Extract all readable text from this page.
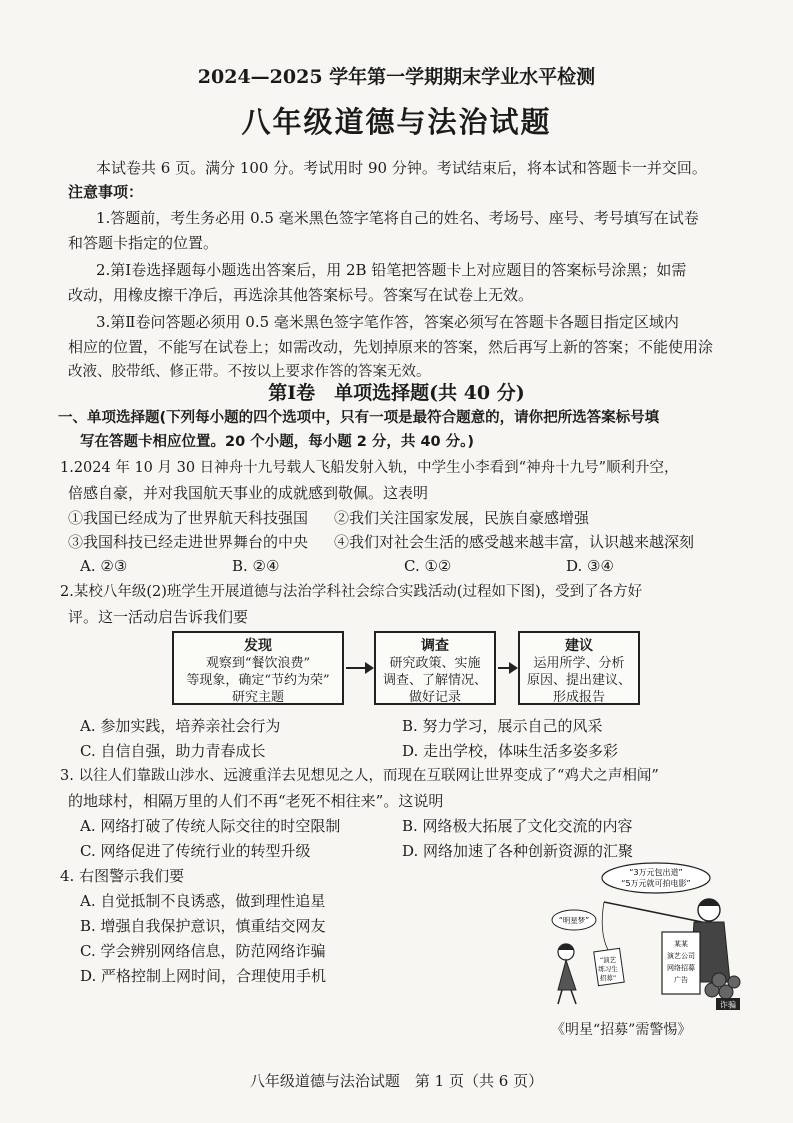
2024—2025 学年第一学期期末学业水平检测
八年级道德与法治试题
本试卷共 6 页。满分 100 分。考试用时 90 分钟。考试结束后，将本试和答题卡一并交回。
注意事项：
1.答题前，考生务必用 0.5 毫米黑色签字笔将自己的姓名、考场号、座号、考号填写在试卷
和答题卡指定的位置。
2.第Ⅰ卷选择题每小题选出答案后，用 2B 铅笔把答题卡上对应题目的答案标号涂黑；如需
改动，用橡皮擦干净后，再选涂其他答案标号。答案写在试卷上无效。
3.第Ⅱ卷问答题必须用 0.5 毫米黑色签字笔作答，答案必须写在答题卡各题目指定区域内
相应的位置，不能写在试卷上；如需改动，先划掉原来的答案，然后再写上新的答案；不能使用涂
改液、胶带纸、修正带。不按以上要求作答的答案无效。
第Ⅰ卷　单项选择题(共 40 分)
一、单项选择题(下列每小题的四个选项中，只有一项是最符合题意的，请你把所选答案标号填
写在答题卡相应位置。20 个小题，每小题 2 分，共 40 分。)
1.2024 年 10 月 30 日神舟十九号载人飞船发射入轨，中学生小李看到“神舟十九号”顺利升空，
倍感自豪，并对我国航天事业的成就感到敬佩。这表明
①我国已经成为了世界航天科技强国 ②我们关注国家发展，民族自豪感增强
③我国科技已经走进世界舞台的中央 ④我们对社会生活的感受越来越丰富，认识越来越深刻
A. ②③	B. ②④	C. ①②	D. ③④
2.某校八年级(2)班学生开展道德与法治学科社会综合实践活动(过程如下图)，受到了各方好
评。这一活动启告诉我们要
发现
观察到“餐饮浪费”
等现象，确定“节约为荣”
研究主题
调查
研究政策、实施
调查、了解情况、
做好记录
建议
运用所学、分析
原因、提出建议、
形成报告
A. 参加实践，培养亲社会行为	B. 努力学习，展示自己的风采
C. 自信自强，助力青春成长	D. 走出学校，体味生活多姿多彩
3. 以往人们靠跋山涉水、远渡重洋去见想见之人，而现在互联网让世界变成了“鸡犬之声相闻”
的地球村，相隔万里的人们不再“老死不相往来”。这说明
A. 网络打破了传统人际交往的时空限制	B. 网络极大拓展了文化交流的内容
C. 网络促进了传统行业的转型升级	D. 网络加速了各种创新资源的汇聚
4. 右图警示我们要
A. 自觉抵制不良诱惑，做到理性追星
B. 增强自我保护意识，慎重结交网友
C. 学会辨别网络信息，防范网络诈骗
D. 严格控制上网时间，合理使用手机
“3万元包出道”
“5万元就可拍电影”
“明星梦”
“演艺
练习生
招募”
某某
演艺公司
网络招募
广告
诈骗
《明星“招募”需警惕》
八年级道德与法治试题　第 1 页（共 6 页）
